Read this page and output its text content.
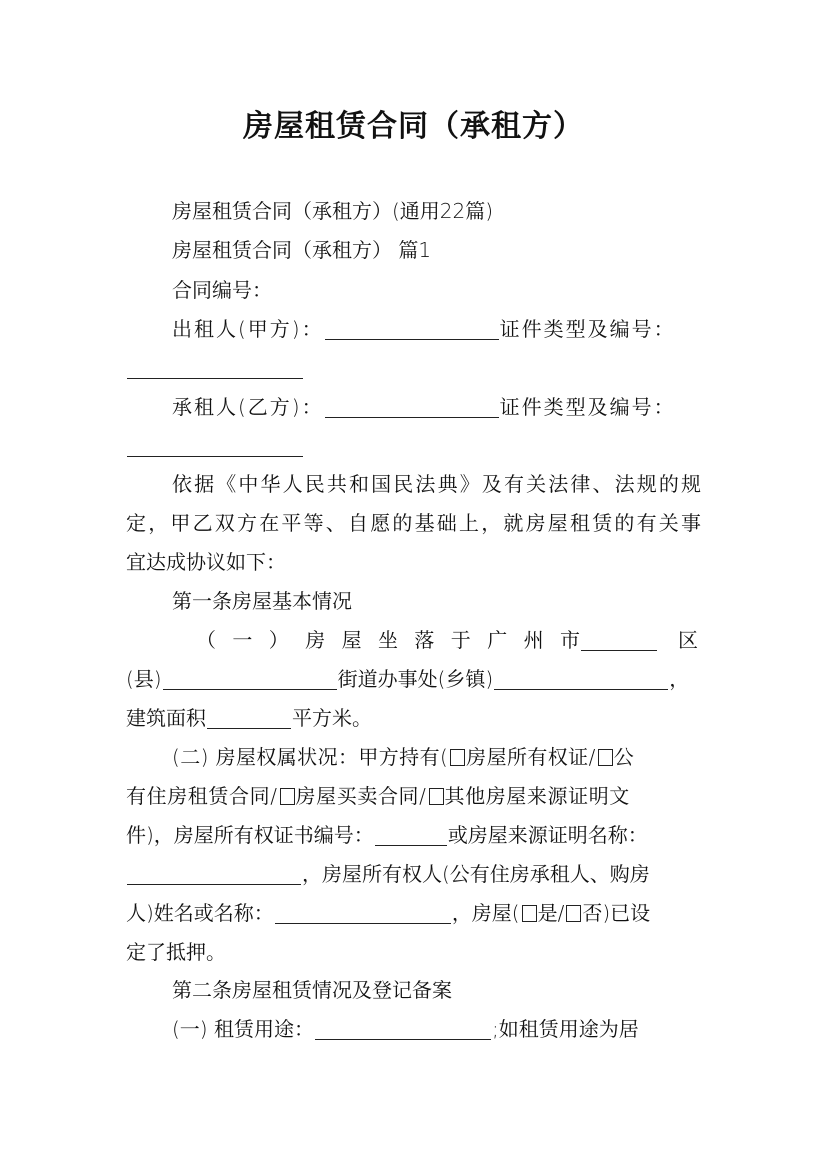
房屋租赁合同（承租方）
房屋租赁合同（承租方）(通用22篇)
房屋租赁合同（承租方） 篇1
合同编号：
出租人(甲方)：	证件类型及编号：
承租人(乙方)：	证件类型及编号：
依据《中华人民共和国民法典》及有关法律、法规的规
定，甲乙双方在平等、自愿的基础上，就房屋租赁的有关事
宜达成协议如下：
第一条房屋基本情况
（一）房屋坐落于广州市	区
(县)	街道办事处(乡镇)	，
建筑面积	平方米。
(二) 房屋权属状况：甲方持有( 房屋所有权证/ 公
有住房租赁合同/ 房屋买卖合同/ 其他房屋来源证明文
件)，房屋所有权证书编号：	或房屋来源证明名称：
，房屋所有权人(公有住房承租人、购房
人)姓名或名称：	，房屋( 是/ 否)已设
定了抵押。
第二条房屋租赁情况及登记备案
(一) 租赁用途：	;如租赁用途为居
